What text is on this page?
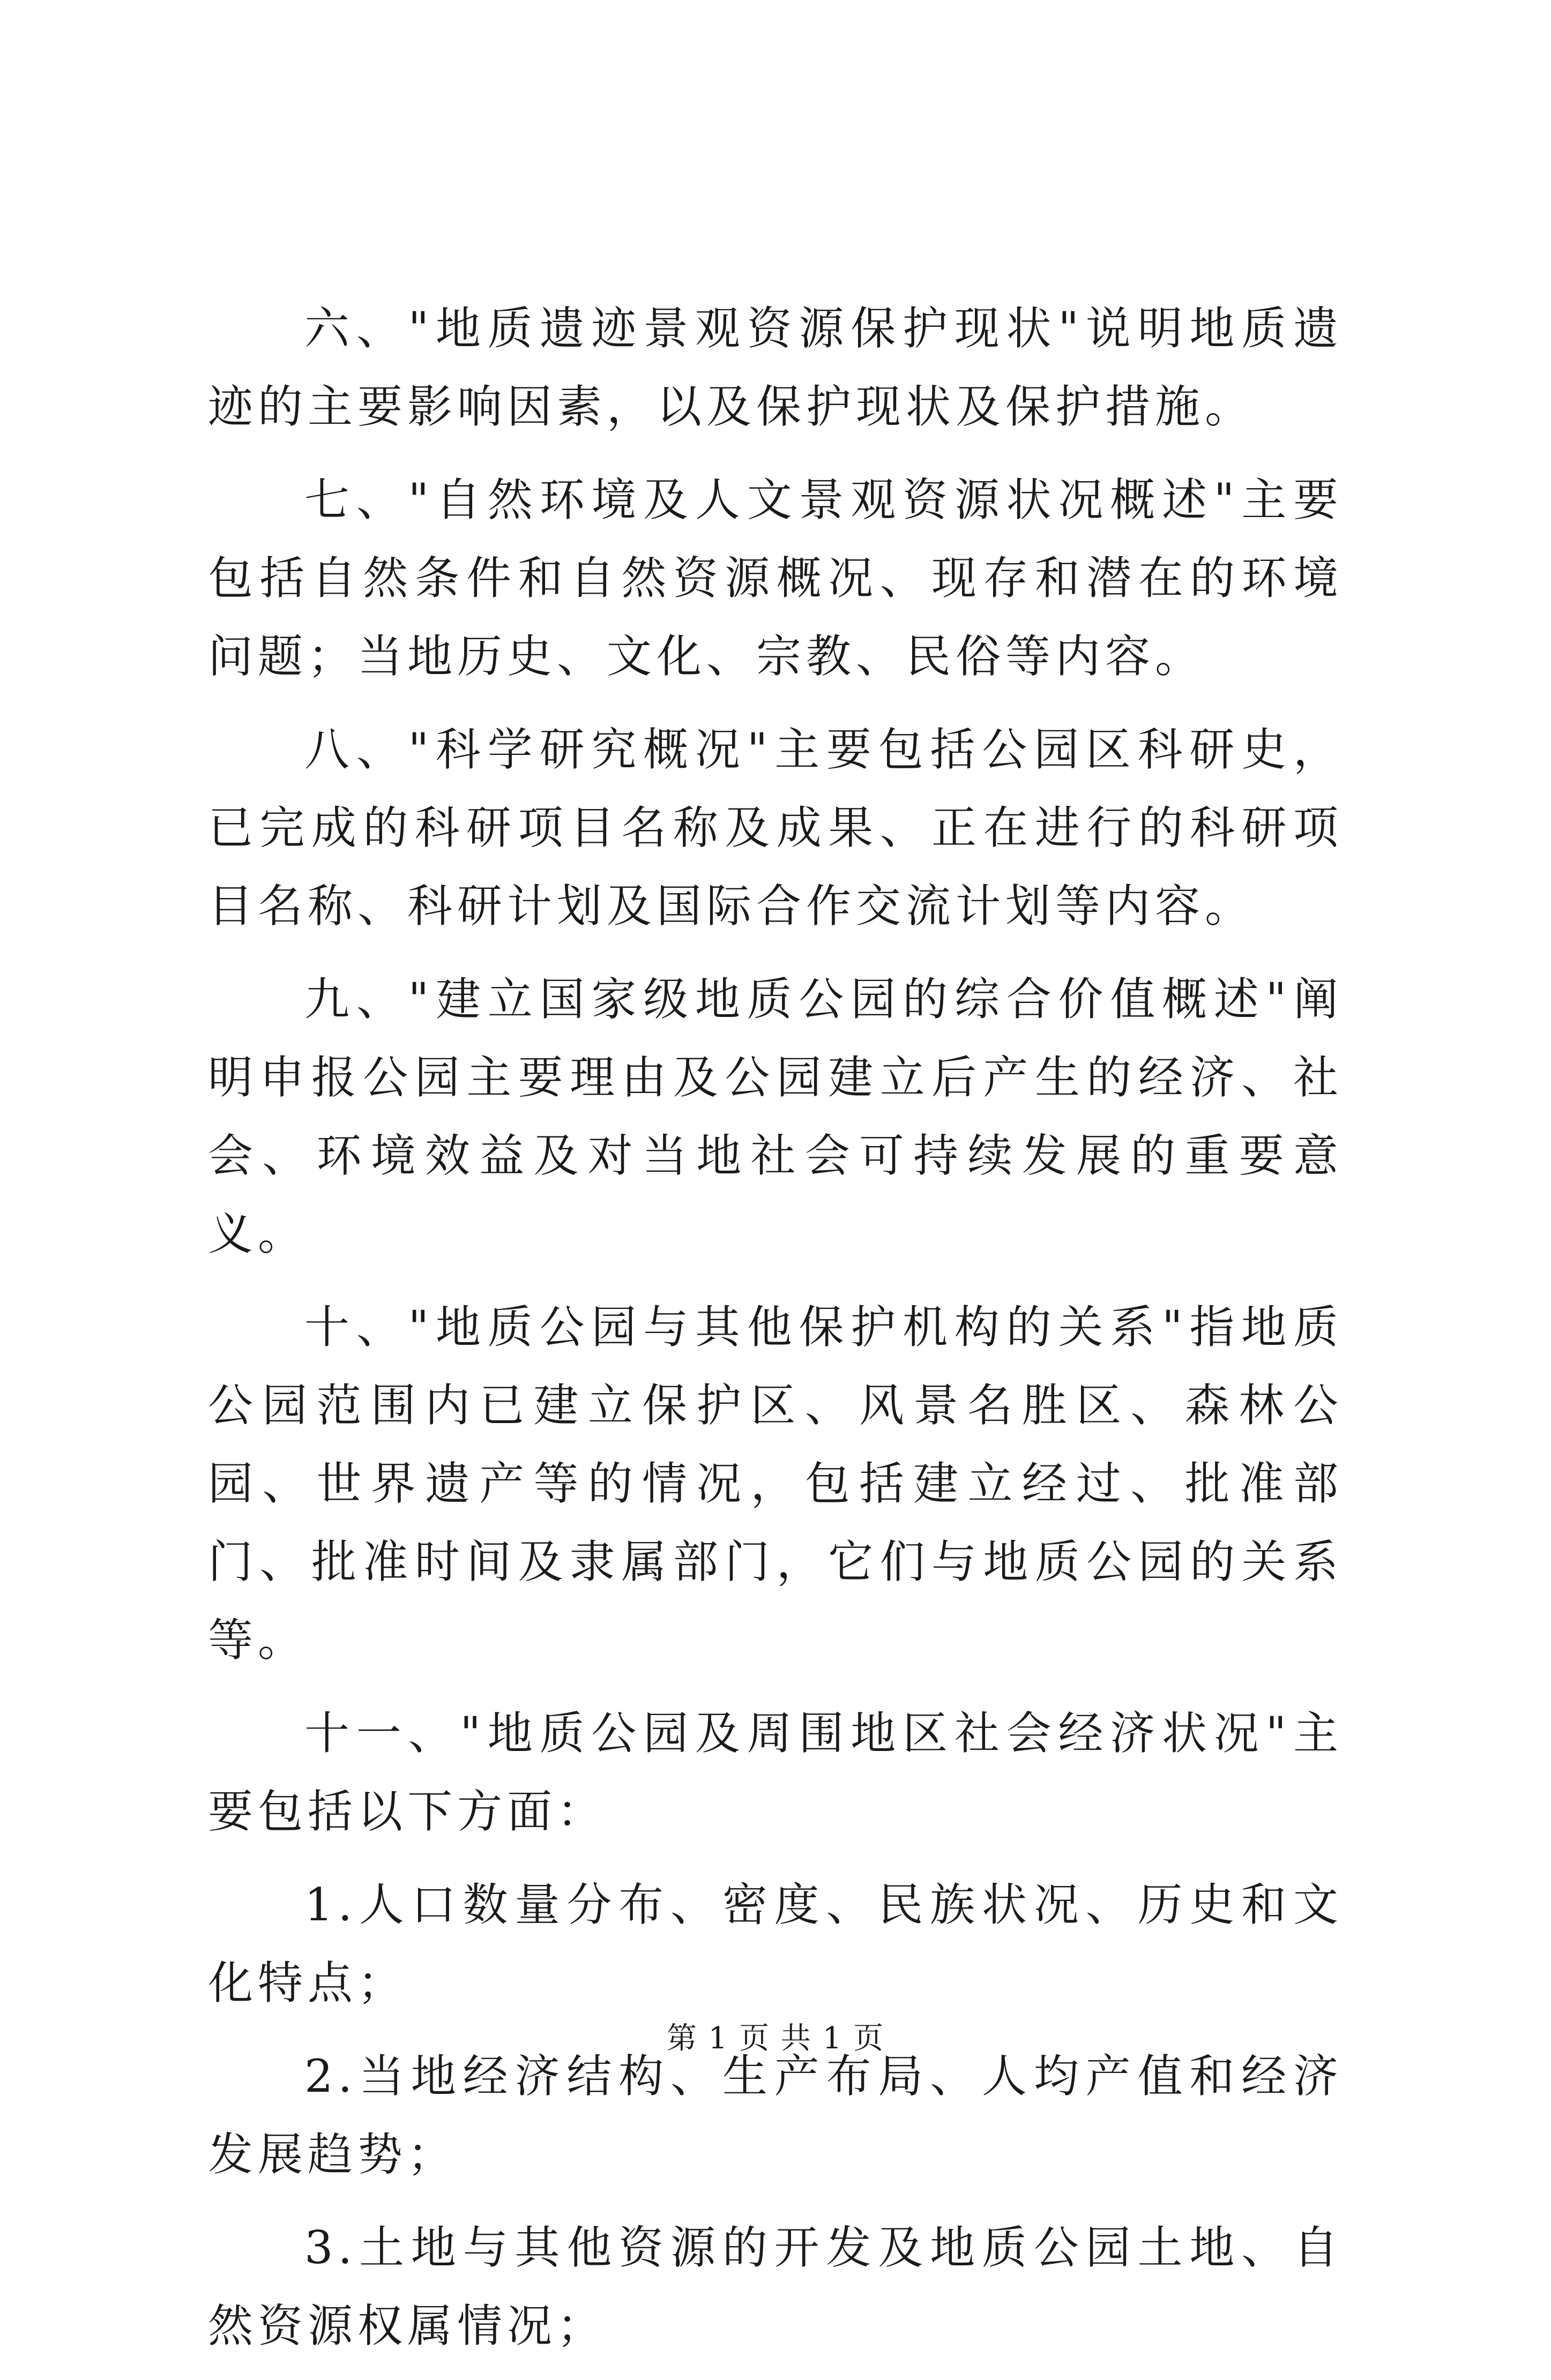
六、"地质遗迹景观资源保护现状"说明地质遗迹的主要影响因素，以及保护现状及保护措施。

七、"自然环境及人文景观资源状况概述"主要包括自然条件和自然资源概况、现存和潜在的环境问题；当地历史、文化、宗教、民俗等内容。

八、"科学研究概况"主要包括公园区科研史，已完成的科研项目名称及成果、正在进行的科研项目名称、科研计划及国际合作交流计划等内容。

九、"建立国家级地质公园的综合价值概述"阐明申报公园主要理由及公园建立后产生的经济、社会、环境效益及对当地社会可持续发展的重要意义。

十、"地质公园与其他保护机构的关系"指地质公园范围内已建立保护区、风景名胜区、森林公园、世界遗产等的情况，包括建立经过、批准部门、批准时间及隶属部门，它们与地质公园的关系等。

十一、"地质公园及周围地区社会经济状况"主要包括以下方面：

1.人口数量分布、密度、民族状况、历史和文化特点；

2.当地经济结构、生产布局、人均产值和经济发展趋势；

3.土地与其他资源的开发及地质公园土地、自然资源权属情况；

第 1 页 共 1 页
